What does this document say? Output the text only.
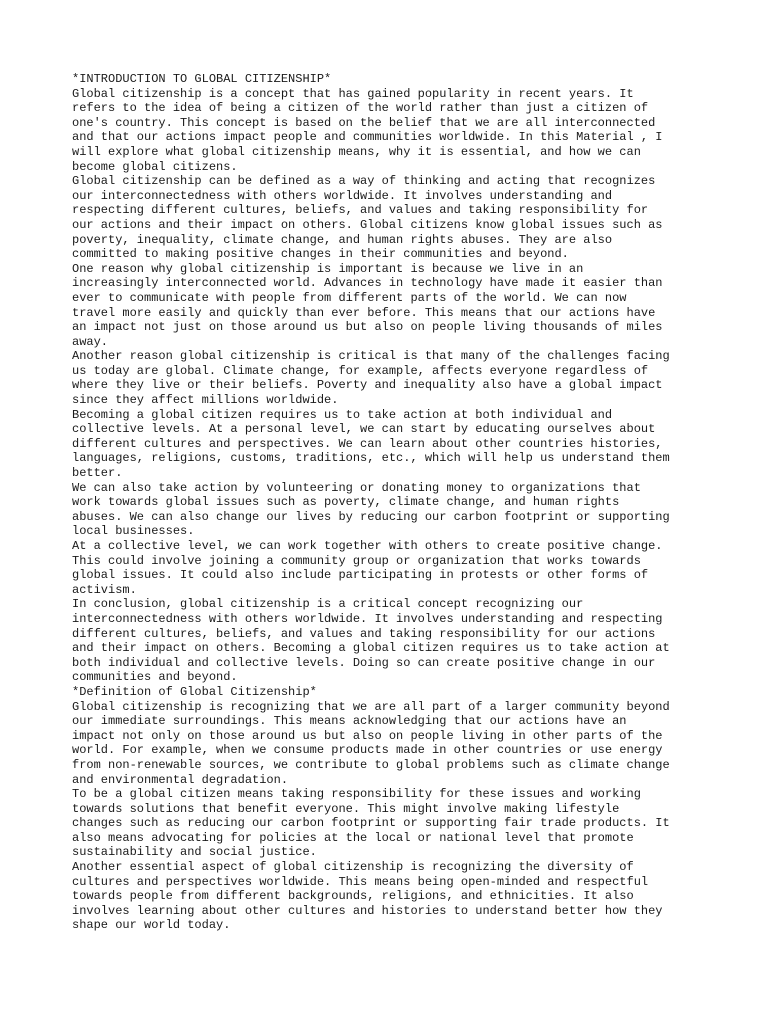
*INTRODUCTION TO GLOBAL CITIZENSHIP*
Global citizenship is a concept that has gained popularity in recent years. It
refers to the idea of being a citizen of the world rather than just a citizen of
one's country. This concept is based on the belief that we are all interconnected
and that our actions impact people and communities worldwide. In this Material , I
will explore what global citizenship means, why it is essential, and how we can
become global citizens.
Global citizenship can be defined as a way of thinking and acting that recognizes
our interconnectedness with others worldwide. It involves understanding and
respecting different cultures, beliefs, and values and taking responsibility for
our actions and their impact on others. Global citizens know global issues such as
poverty, inequality, climate change, and human rights abuses. They are also
committed to making positive changes in their communities and beyond.
One reason why global citizenship is important is because we live in an
increasingly interconnected world. Advances in technology have made it easier than
ever to communicate with people from different parts of the world. We can now
travel more easily and quickly than ever before. This means that our actions have
an impact not just on those around us but also on people living thousands of miles
away.
Another reason global citizenship is critical is that many of the challenges facing
us today are global. Climate change, for example, affects everyone regardless of
where they live or their beliefs. Poverty and inequality also have a global impact
since they affect millions worldwide.
Becoming a global citizen requires us to take action at both individual and
collective levels. At a personal level, we can start by educating ourselves about
different cultures and perspectives. We can learn about other countries histories,
languages, religions, customs, traditions, etc., which will help us understand them
better.
We can also take action by volunteering or donating money to organizations that
work towards global issues such as poverty, climate change, and human rights
abuses. We can also change our lives by reducing our carbon footprint or supporting
local businesses.
At a collective level, we can work together with others to create positive change.
This could involve joining a community group or organization that works towards
global issues. It could also include participating in protests or other forms of
activism.
In conclusion, global citizenship is a critical concept recognizing our
interconnectedness with others worldwide. It involves understanding and respecting
different cultures, beliefs, and values and taking responsibility for our actions
and their impact on others. Becoming a global citizen requires us to take action at
both individual and collective levels. Doing so can create positive change in our
communities and beyond.
*Definition of Global Citizenship*
Global citizenship is recognizing that we are all part of a larger community beyond
our immediate surroundings. This means acknowledging that our actions have an
impact not only on those around us but also on people living in other parts of the
world. For example, when we consume products made in other countries or use energy
from non-renewable sources, we contribute to global problems such as climate change
and environmental degradation.
To be a global citizen means taking responsibility for these issues and working
towards solutions that benefit everyone. This might involve making lifestyle
changes such as reducing our carbon footprint or supporting fair trade products. It
also means advocating for policies at the local or national level that promote
sustainability and social justice.
Another essential aspect of global citizenship is recognizing the diversity of
cultures and perspectives worldwide. This means being open-minded and respectful
towards people from different backgrounds, religions, and ethnicities. It also
involves learning about other cultures and histories to understand better how they
shape our world today.
